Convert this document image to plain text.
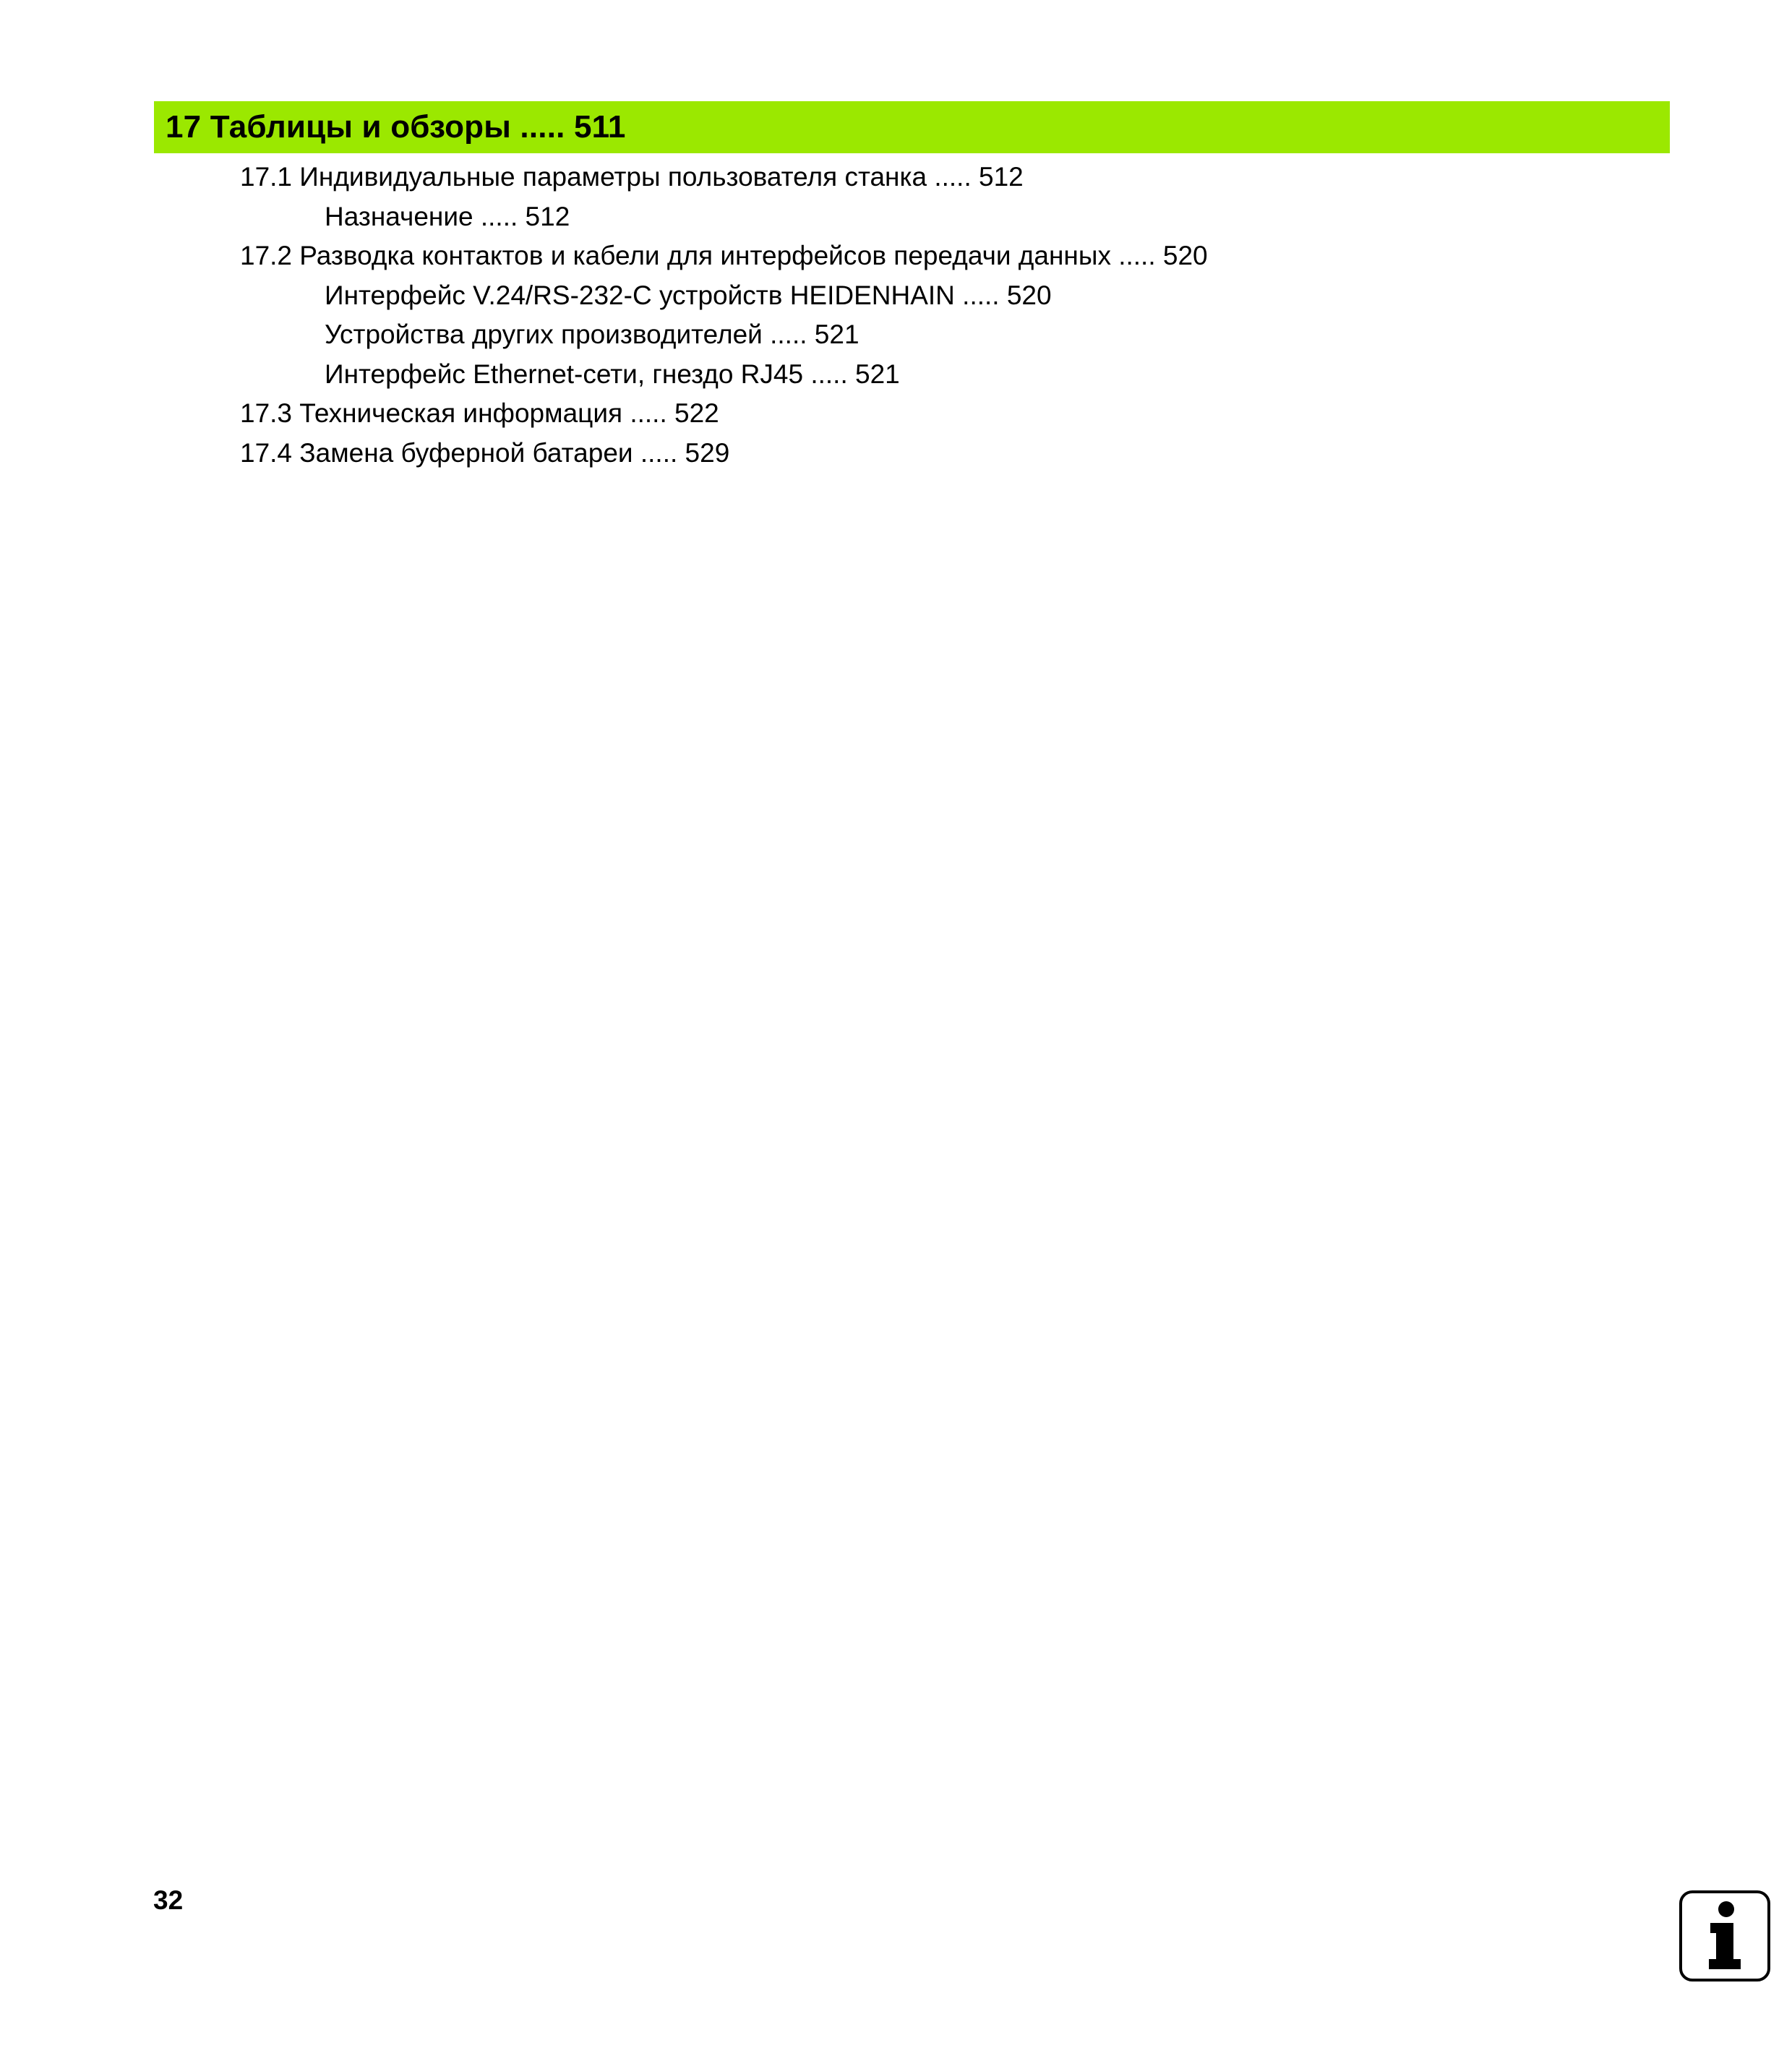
17 Таблицы и обзоры ..... 511
17.1 Индивидуальные параметры пользователя станка ..... 512
Назначение ..... 512
17.2 Разводка контактов и кабели для интерфейсов передачи данных ..... 520
Интерфейс V.24/RS-232-C устройств HEIDENHAIN ..... 520
Устройства других производителей ..... 521
Интерфейс Ethernet-сети, гнездо RJ45 ..... 521
17.3 Техническая информация ..... 522
17.4 Замена буферной батареи ..... 529
32
